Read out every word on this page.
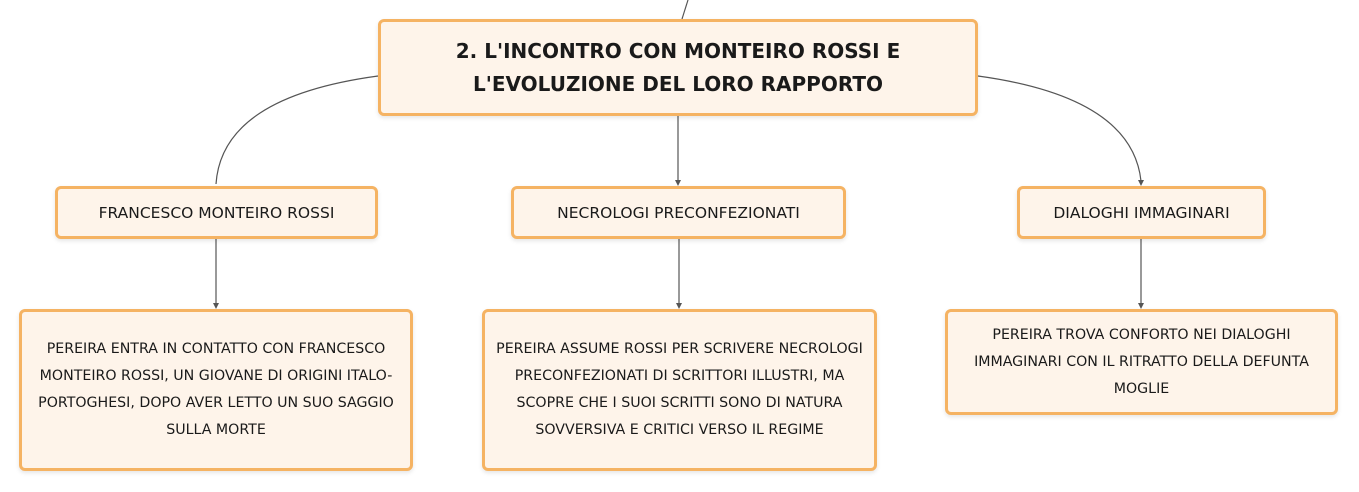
2. L'INCONTRO CON MONTEIRO ROSSI E L'EVOLUZIONE DEL LORO RAPPORTO
FRANCESCO MONTEIRO ROSSI	NECROLOGI PRECONFEZIONATI	DIALOGHI IMMAGINARI
PEREIRA ENTRA IN CONTATTO CON FRANCESCO MONTEIRO ROSSI, UN GIOVANE DI ORIGINI ITALO-PORTOGHESI, DOPO AVER LETTO UN SUO SAGGIO SULLA MORTE
PEREIRA ASSUME ROSSI PER SCRIVERE NECROLOGI PRECONFEZIONATI DI SCRITTORI ILLUSTRI, MA SCOPRE CHE I SUOI SCRITTI SONO DI NATURA SOVVERSIVA E CRITICI VERSO IL REGIME
PEREIRA TROVA CONFORTO NEI DIALOGHI IMMAGINARI CON IL RITRATTO DELLA DEFUNTA MOGLIE
